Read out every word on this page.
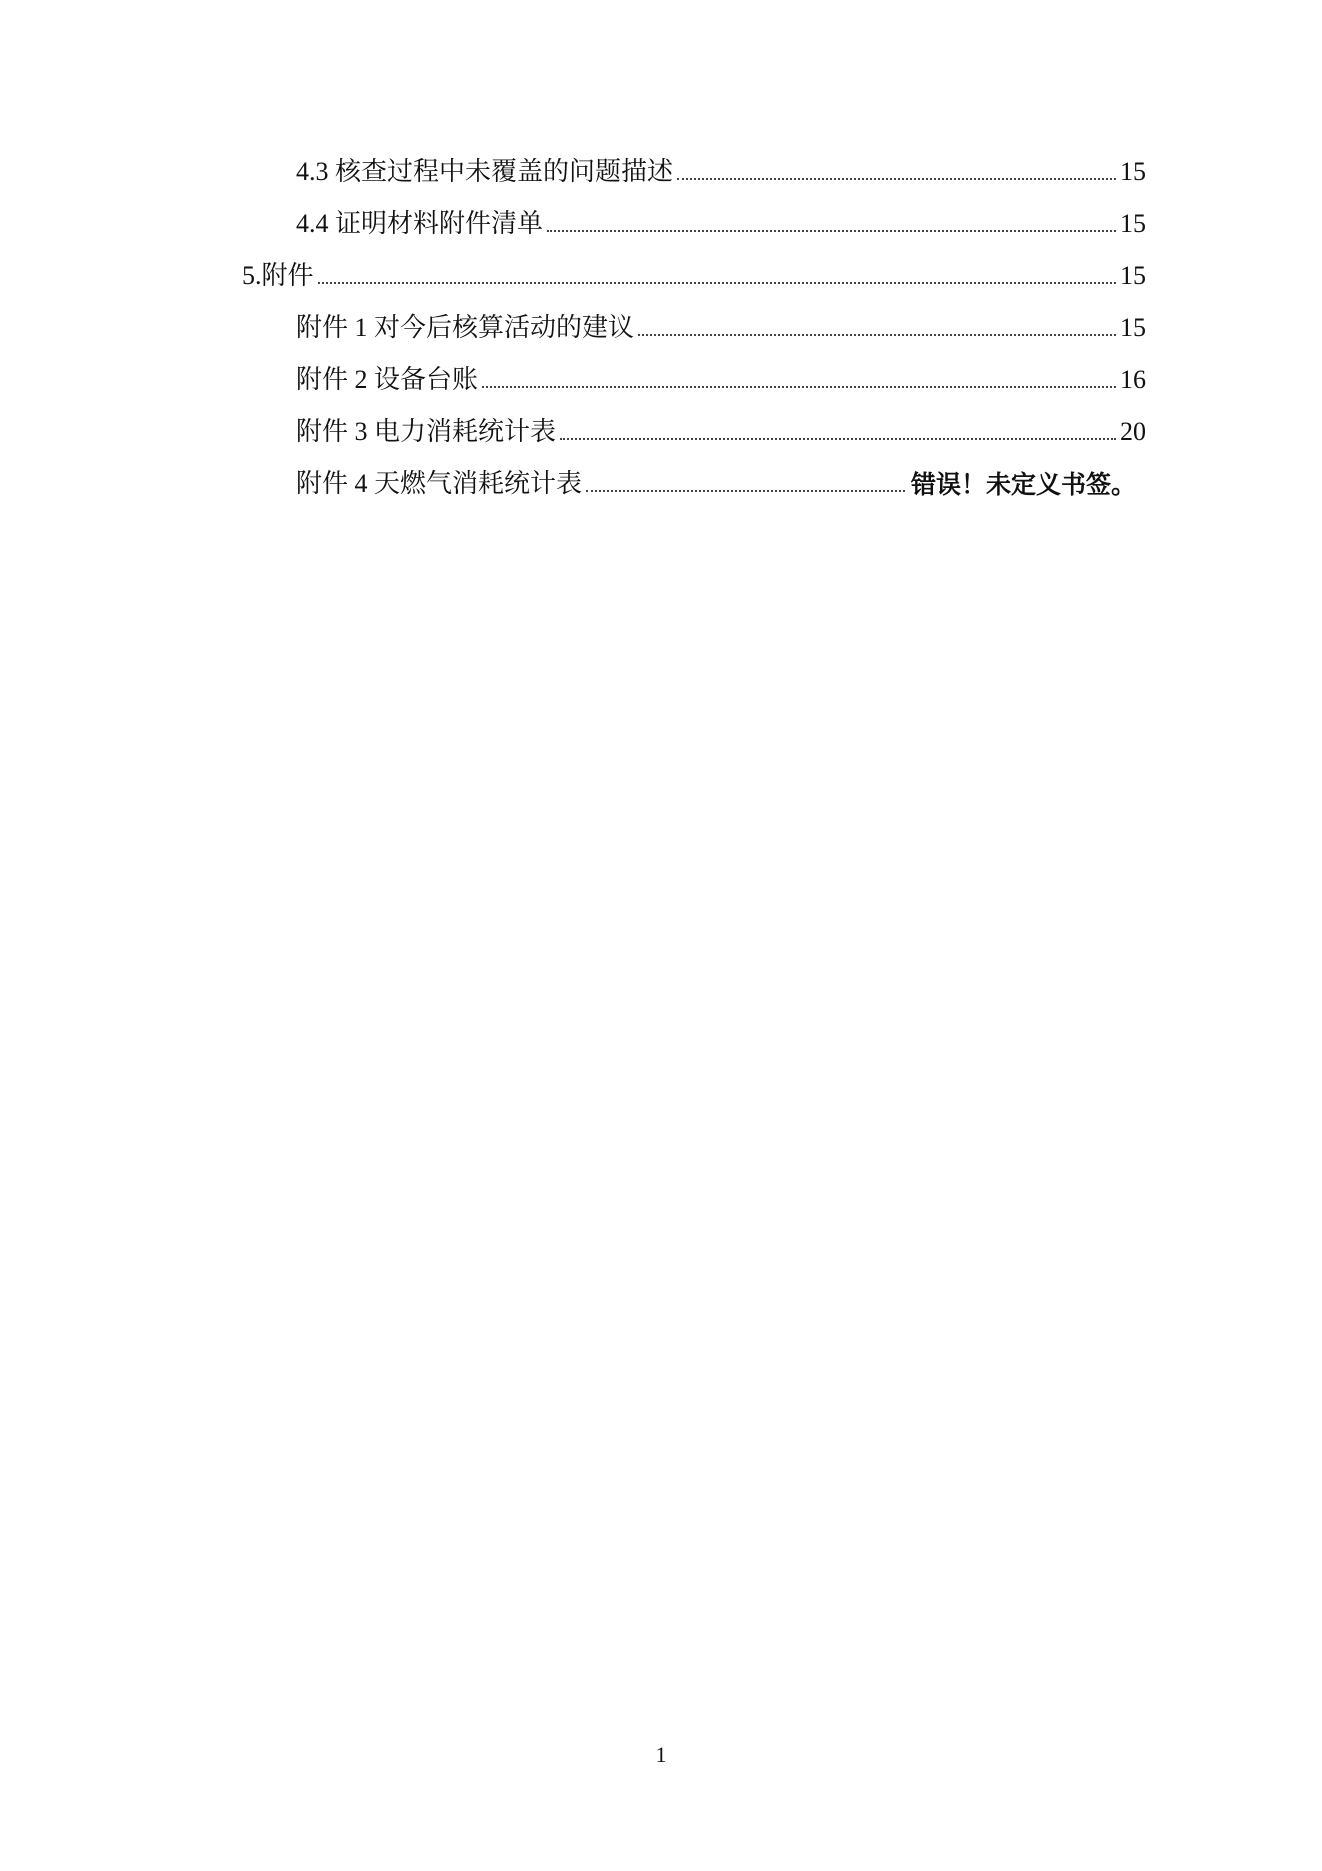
4.3 核查过程中未覆盖的问题描述	15
4.4 证明材料附件清单	15
5.附件	15
附件 1 对今后核算活动的建议	15
附件 2 设备台账	16
附件 3 电力消耗统计表	20
附件 4 天燃气消耗统计表	错误！未定义书签。
1
